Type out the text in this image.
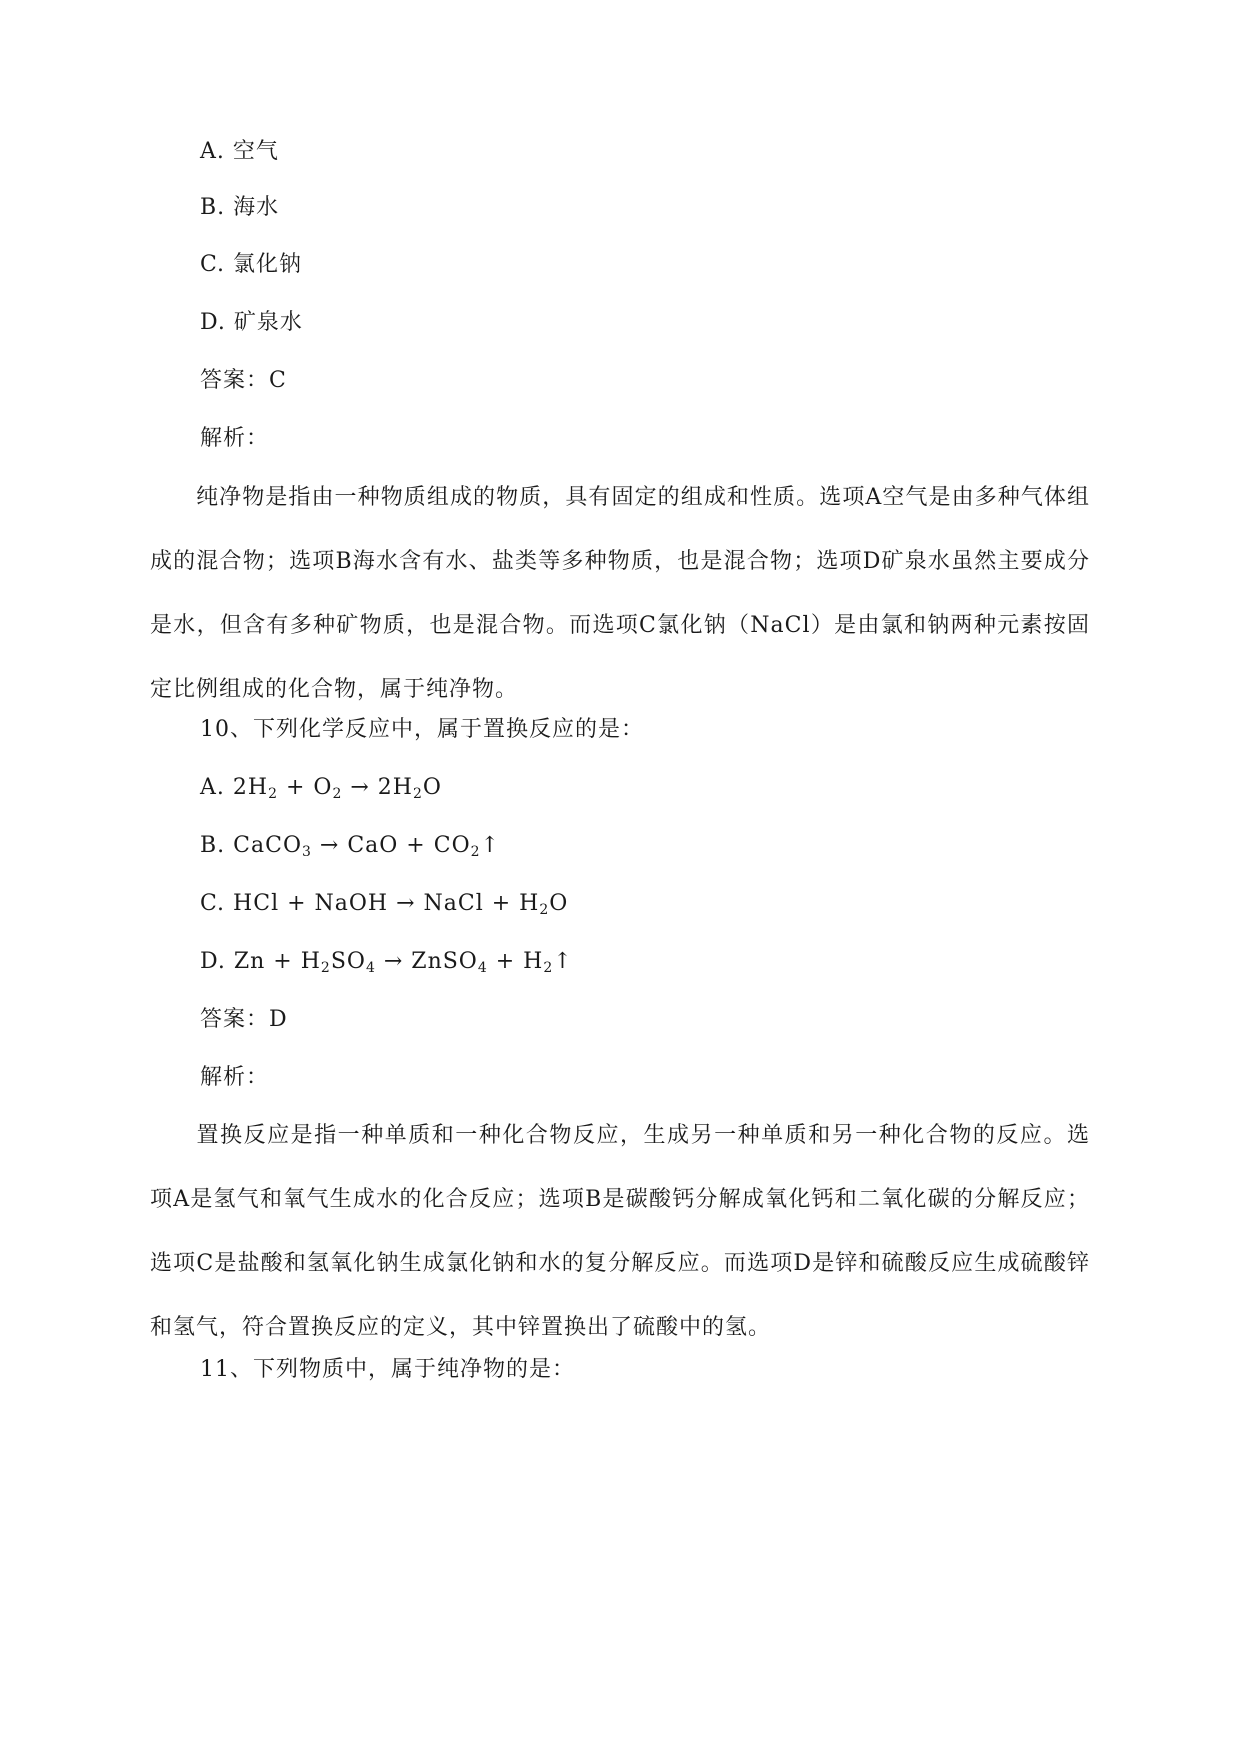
A. 空气
B. 海水
C. 氯化钠
D. 矿泉水
答案：C
解析：
纯净物是指由一种物质组成的物质，具有固定的组成和性质。选项A空气是由多种气体组成的混合物；选项B海水含有水、盐类等多种物质，也是混合物；选项D矿泉水虽然主要成分是水，但含有多种矿物质，也是混合物。而选项C氯化钠（NaCl）是由氯和钠两种元素按固定比例组成的化合物，属于纯净物。
10、下列化学反应中，属于置换反应的是：
A. $2H_2 + O_2 \to 2H_2O$
B. CaCO$_3$ → CaO + $CO_2↑$
C. HCl + NaOH → NaCl + $H_2O$
D. $Zn + H_2SO_4$ → ZnSO$_4$ + $H_2↑$
答案：D
解析：
置换反应是指一种单质和一种化合物反应，生成另一种单质和另一种化合物的反应。选项A是氢气和氧气生成水的化合反应；选项B是碳酸钙分解成氧化钙和二氧化碳的分解反应；选项C是盐酸和氢氧化钠生成氯化钠和水的复分解反应。而选项D是锌和硫酸反应生成硫酸锌和氢气，符合置换反应的定义，其中锌置换出了硫酸中的氢。
11、下列物质中，属于纯净物的是：
